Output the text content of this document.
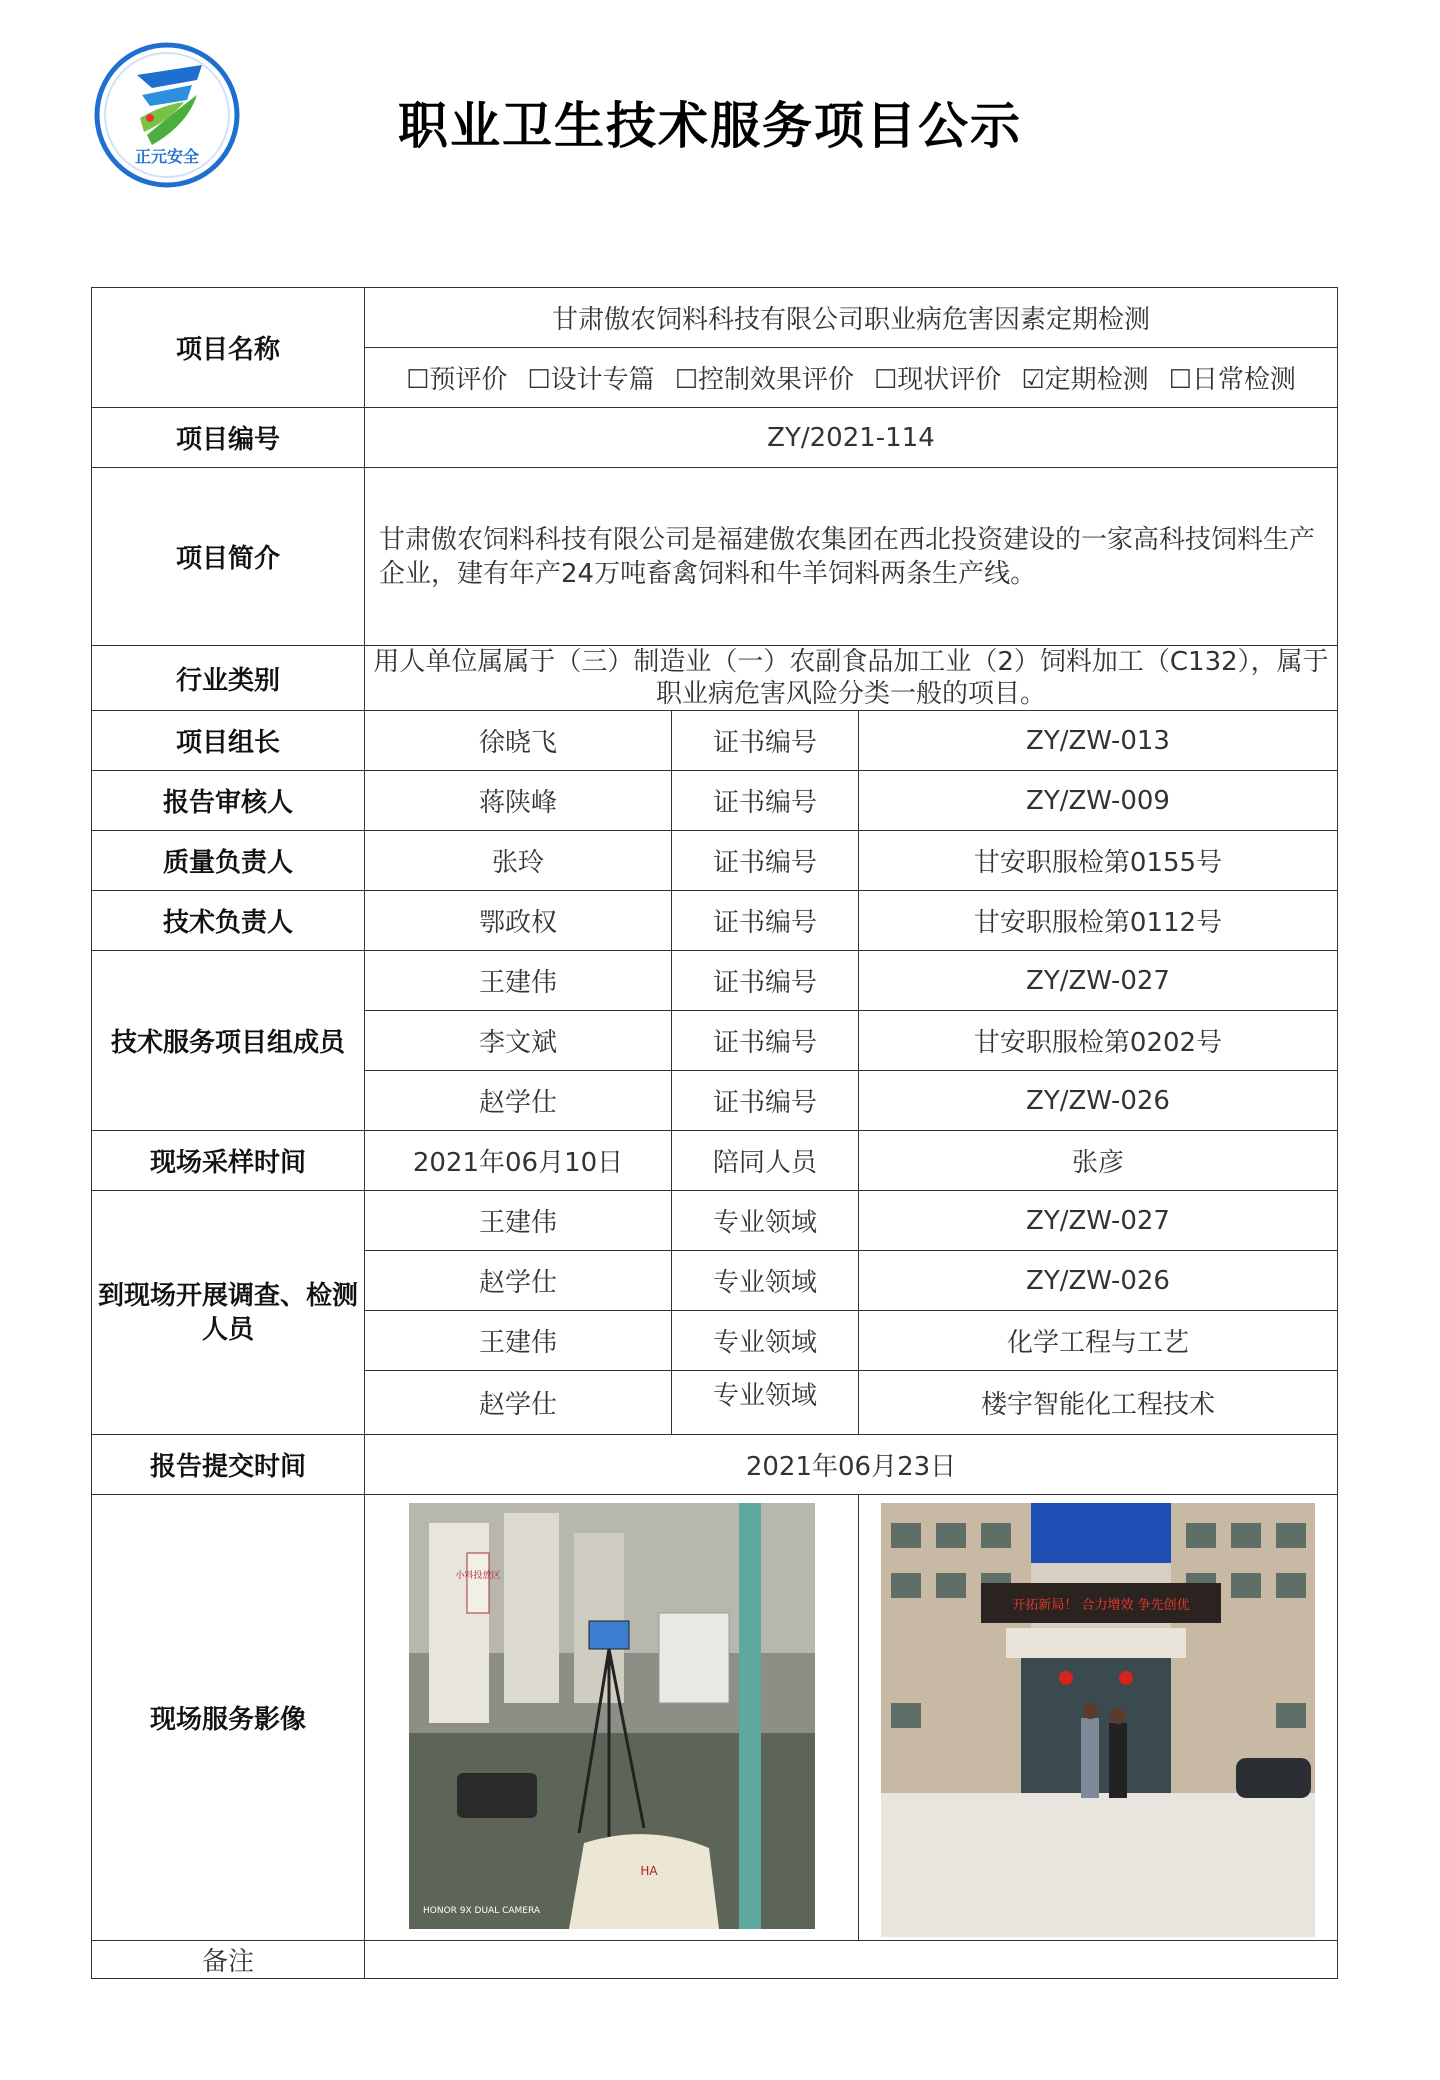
正元安全
职业卫生技术服务项目公示
项目名称	甘肃傲农饲料科技有限公司职业病危害因素定期检测		
	☐预评价 ☐设计专篇 ☐控制效果评价 ☐现状评价 ☑定期检测 ☐日常检测		
项目编号	ZY/2021-114		
项目简介	甘肃傲农饲料科技有限公司是福建傲农集团在西北投资建设的一家高科技饲料生产企业，建有年产24万吨畜禽饲料和牛羊饲料两条生产线。		
行业类别	用人单位属属于（三）制造业（一）农副食品加工业（2）饲料加工（C132），属于职业病危害风险分类一般的项目。		
项目组长	徐晓飞	证书编号	ZY/ZW-013
报告审核人	蒋陕峰	证书编号	ZY/ZW-009
质量负责人	张玲	证书编号	甘安职服检第0155号
技术负责人	鄂政权	证书编号	甘安职服检第0112号
技术服务项目组成员	王建伟	证书编号	ZY/ZW-027
	李文斌	证书编号	甘安职服检第0202号
	赵学仕	证书编号	ZY/ZW-026
现场采样时间	2021年06月10日	陪同人员	张彦
到现场开展调查、检测人员	王建伟	专业领域	ZY/ZW-027
	赵学仕	专业领域	ZY/ZW-026
	王建伟	专业领域	化学工程与工艺
	赵学仕	专业领域	楼宇智能化工程技术
报告提交时间	2021年06月23日		
现场服务影像	小料投放区
HA
HONOR 9X DUAL CAMERA		开拓新局！ 合力增效 争先创优

备注			
